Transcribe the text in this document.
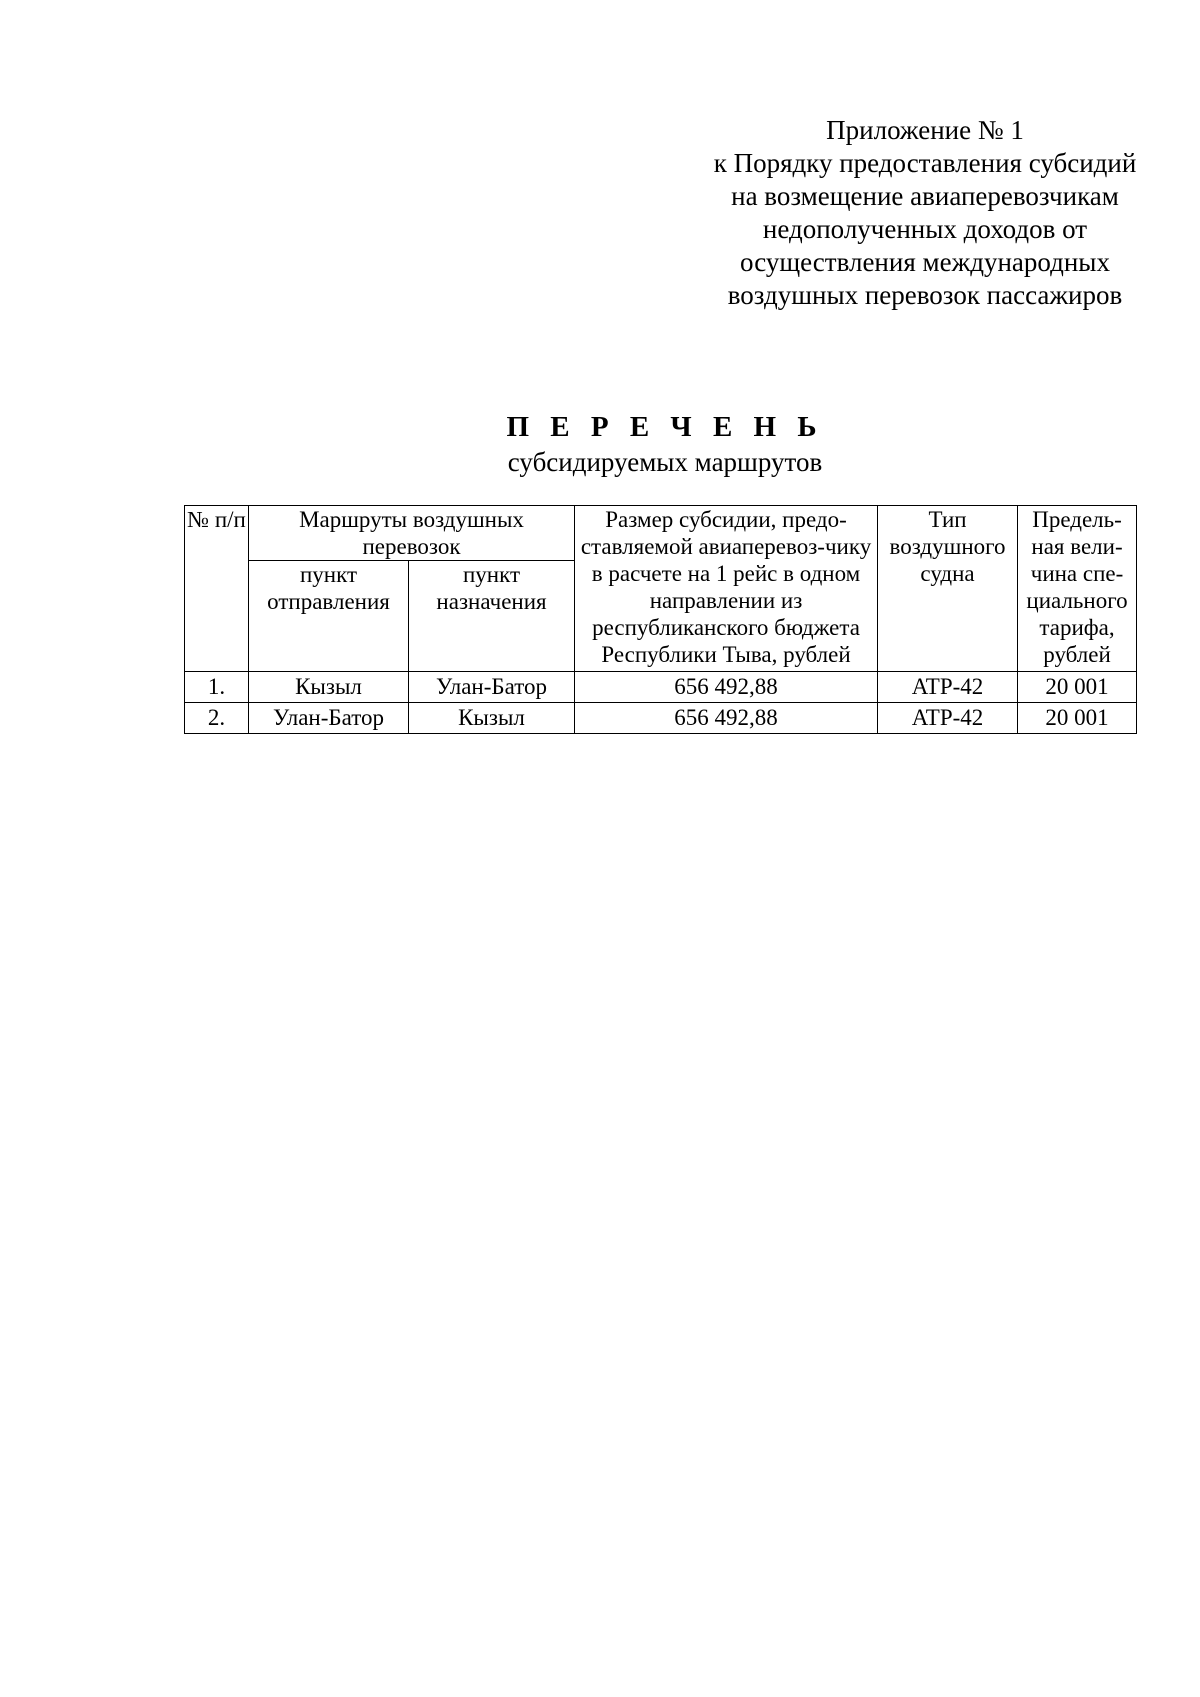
Приложение № 1
к Порядку предоставления субсидий
на возмещение авиаперевозчикам
недополученных доходов от
осуществления международных
воздушных перевозок пассажиров
П Е Р Е Ч Е Н Ь
субсидируемых маршрутов
№ п/п	Маршруты воздушных перевозок		Размер субсидии, предо-ставляемой авиаперевоз-чику в расчете на 1 рейс в одном направлении из республиканского бюджета Республики Тыва, рублей	Тип воздушного судна	Предель-ная вели-чина спе-циального тарифа, рублей
	пункт отправления	пункт назначения			
1.	Кызыл	Улан-Батор	656 492,88	ATP-42	20 001
2.	Улан-Батор	Кызыл	656 492,88	ATP-42	20 001
